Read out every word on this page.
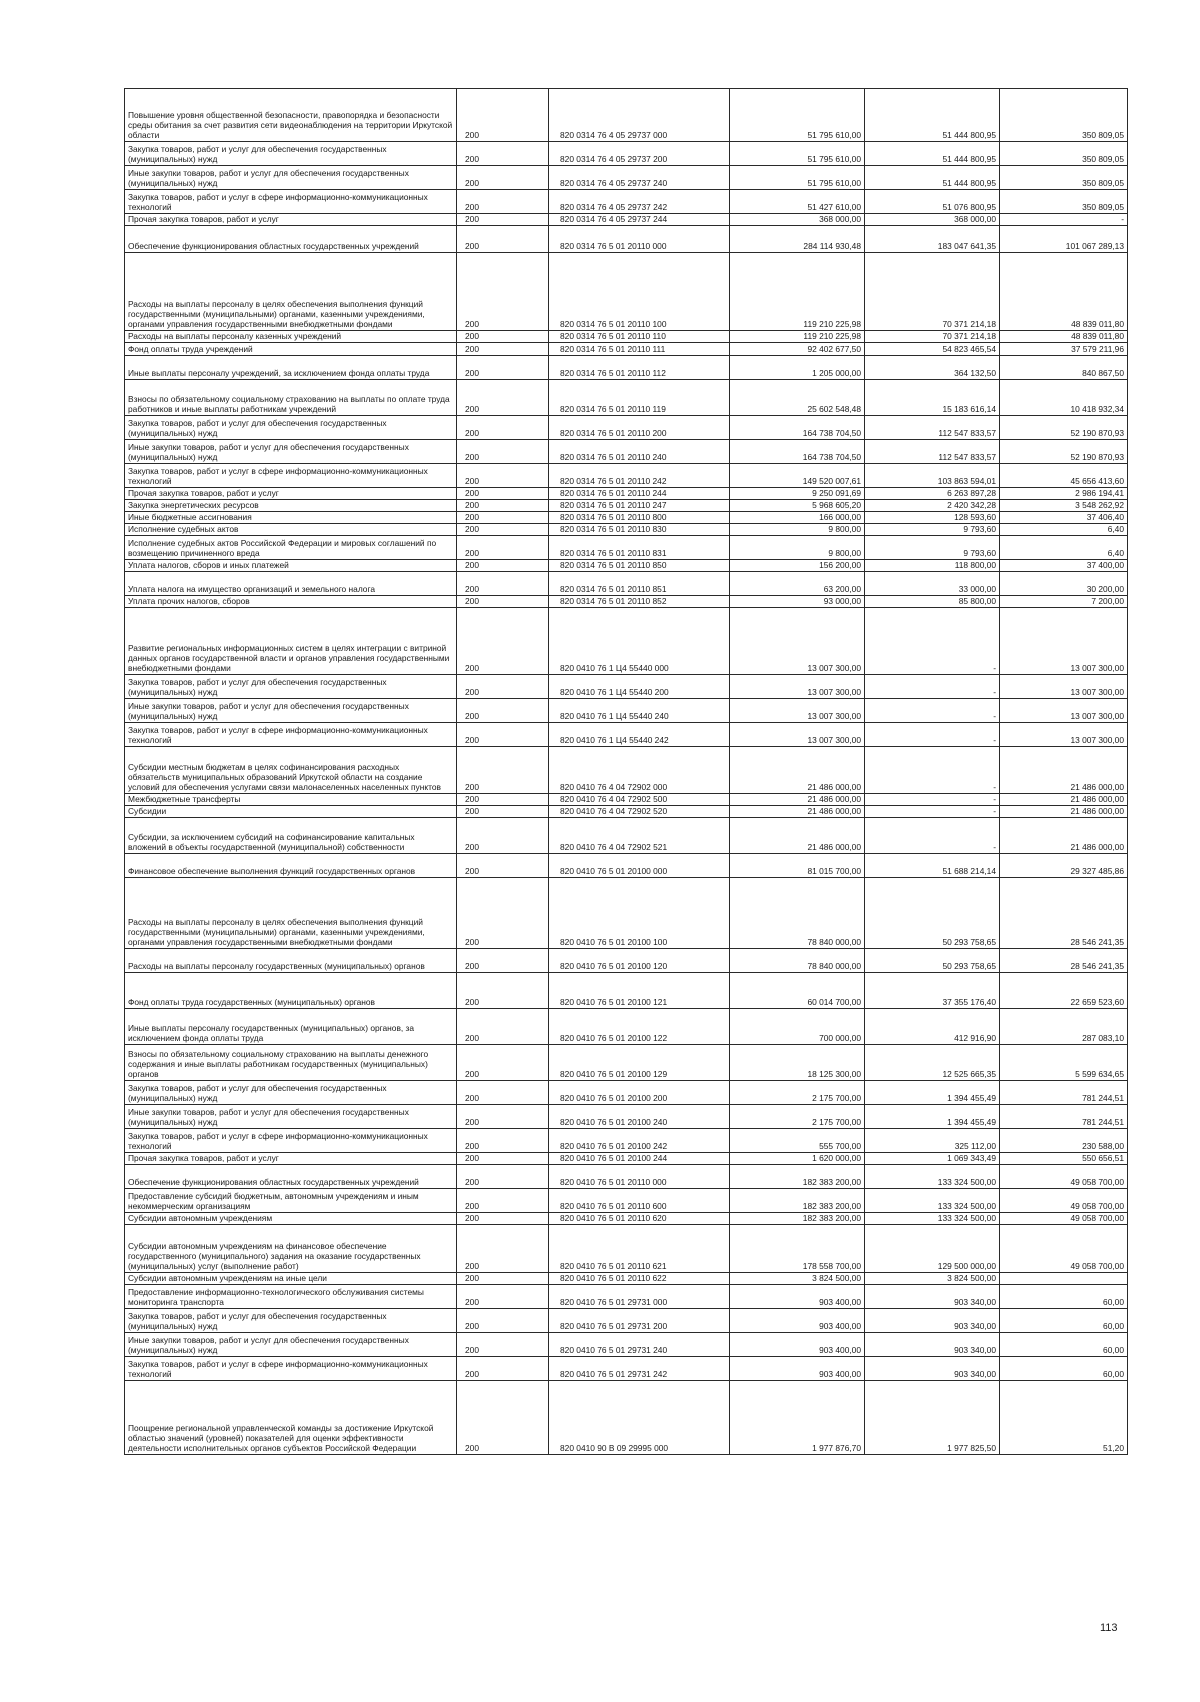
Повышение уровня общественной безопасности, правопорядка и безопасности среды обитания за счет развития сети видеонаблюдения на территории Иркутской области	200	820 0314 76 4 05 29737 000	51 795 610,00	51 444 800,95	350 809,05
Закупка товаров, работ и услуг для обеспечения государственных (муниципальных) нужд	200	820 0314 76 4 05 29737 200	51 795 610,00	51 444 800,95	350 809,05
Иные закупки товаров, работ и услуг для обеспечения государственных (муниципальных) нужд	200	820 0314 76 4 05 29737 240	51 795 610,00	51 444 800,95	350 809,05
Закупка товаров, работ и услуг в сфере информационно-коммуникационных технологий	200	820 0314 76 4 05 29737 242	51 427 610,00	51 076 800,95	350 809,05
Прочая закупка товаров, работ и услуг	200	820 0314 76 4 05 29737 244	368 000,00	368 000,00	-
Обеспечение функционирования областных государственных учреждений	200	820 0314 76 5 01 20110 000	284 114 930,48	183 047 641,35	101 067 289,13
Расходы на выплаты персоналу в целях обеспечения выполнения функций государственными (муниципальными) органами, казенными учреждениями, органами управления государственными внебюджетными фондами	200	820 0314 76 5 01 20110 100	119 210 225,98	70 371 214,18	48 839 011,80
Расходы на выплаты персоналу казенных учреждений	200	820 0314 76 5 01 20110 110	119 210 225,98	70 371 214,18	48 839 011,80
Фонд оплаты труда учреждений	200	820 0314 76 5 01 20110 111	92 402 677,50	54 823 465,54	37 579 211,96
Иные выплаты персоналу учреждений, за исключением фонда оплаты труда	200	820 0314 76 5 01 20110 112	1 205 000,00	364 132,50	840 867,50
Взносы по обязательному социальному страхованию на выплаты по оплате труда работников и иные выплаты работникам учреждений	200	820 0314 76 5 01 20110 119	25 602 548,48	15 183 616,14	10 418 932,34
Закупка товаров, работ и услуг для обеспечения государственных (муниципальных) нужд	200	820 0314 76 5 01 20110 200	164 738 704,50	112 547 833,57	52 190 870,93
Иные закупки товаров, работ и услуг для обеспечения государственных (муниципальных) нужд	200	820 0314 76 5 01 20110 240	164 738 704,50	112 547 833,57	52 190 870,93
Закупка товаров, работ и услуг в сфере информационно-коммуникационных технологий	200	820 0314 76 5 01 20110 242	149 520 007,61	103 863 594,01	45 656 413,60
Прочая закупка товаров, работ и услуг	200	820 0314 76 5 01 20110 244	9 250 091,69	6 263 897,28	2 986 194,41
Закупка энергетических ресурсов	200	820 0314 76 5 01 20110 247	5 968 605,20	2 420 342,28	3 548 262,92
Иные бюджетные ассигнования	200	820 0314 76 5 01 20110 800	166 000,00	128 593,60	37 406,40
Исполнение судебных актов	200	820 0314 76 5 01 20110 830	9 800,00	9 793,60	6,40
Исполнение судебных актов Российской Федерации и мировых соглашений по возмещению причиненного вреда	200	820 0314 76 5 01 20110 831	9 800,00	9 793,60	6,40
Уплата налогов, сборов и иных платежей	200	820 0314 76 5 01 20110 850	156 200,00	118 800,00	37 400,00
Уплата налога на имущество организаций и земельного налога	200	820 0314 76 5 01 20110 851	63 200,00	33 000,00	30 200,00
Уплата прочих налогов, сборов	200	820 0314 76 5 01 20110 852	93 000,00	85 800,00	7 200,00
Развитие региональных информационных систем в целях интеграции с витриной данных органов государственной власти и органов управления государственными внебюджетными фондами	200	820 0410 76 1 Ц4 55440 000	13 007 300,00	-	13 007 300,00
Закупка товаров, работ и услуг для обеспечения государственных (муниципальных) нужд	200	820 0410 76 1 Ц4 55440 200	13 007 300,00	-	13 007 300,00
Иные закупки товаров, работ и услуг для обеспечения государственных (муниципальных) нужд	200	820 0410 76 1 Ц4 55440 240	13 007 300,00	-	13 007 300,00
Закупка товаров, работ и услуг в сфере информационно-коммуникационных технологий	200	820 0410 76 1 Ц4 55440 242	13 007 300,00	-	13 007 300,00
Субсидии местным бюджетам в целях софинансирования расходных обязательств муниципальных образований Иркутской области на создание условий для обеспечения услугами связи малонаселенных населенных пунктов	200	820 0410 76 4 04 72902 000	21 486 000,00	-	21 486 000,00
Межбюджетные трансферты	200	820 0410 76 4 04 72902 500	21 486 000,00	-	21 486 000,00
Субсидии	200	820 0410 76 4 04 72902 520	21 486 000,00	-	21 486 000,00
Субсидии, за исключением субсидий на софинансирование капитальных вложений в объекты государственной (муниципальной) собственности	200	820 0410 76 4 04 72902 521	21 486 000,00	-	21 486 000,00
Финансовое обеспечение выполнения функций государственных органов	200	820 0410 76 5 01 20100 000	81 015 700,00	51 688 214,14	29 327 485,86
Расходы на выплаты персоналу в целях обеспечения выполнения функций государственными (муниципальными) органами, казенными учреждениями, органами управления государственными внебюджетными фондами	200	820 0410 76 5 01 20100 100	78 840 000,00	50 293 758,65	28 546 241,35
Расходы на выплаты персоналу государственных (муниципальных) органов	200	820 0410 76 5 01 20100 120	78 840 000,00	50 293 758,65	28 546 241,35
Фонд оплаты труда государственных (муниципальных) органов	200	820 0410 76 5 01 20100 121	60 014 700,00	37 355 176,40	22 659 523,60
Иные выплаты персоналу государственных (муниципальных) органов, за исключением фонда оплаты труда	200	820 0410 76 5 01 20100 122	700 000,00	412 916,90	287 083,10
Взносы по обязательному социальному страхованию на выплаты денежного содержания и иные выплаты работникам государственных (муниципальных) органов	200	820 0410 76 5 01 20100 129	18 125 300,00	12 525 665,35	5 599 634,65
Закупка товаров, работ и услуг для обеспечения государственных (муниципальных) нужд	200	820 0410 76 5 01 20100 200	2 175 700,00	1 394 455,49	781 244,51
Иные закупки товаров, работ и услуг для обеспечения государственных (муниципальных) нужд	200	820 0410 76 5 01 20100 240	2 175 700,00	1 394 455,49	781 244,51
Закупка товаров, работ и услуг в сфере информационно-коммуникационных технологий	200	820 0410 76 5 01 20100 242	555 700,00	325 112,00	230 588,00
Прочая закупка товаров, работ и услуг	200	820 0410 76 5 01 20100 244	1 620 000,00	1 069 343,49	550 656,51
Обеспечение функционирования областных государственных учреждений	200	820 0410 76 5 01 20110 000	182 383 200,00	133 324 500,00	49 058 700,00
Предоставление субсидий бюджетным, автономным учреждениям и иным некоммерческим организациям	200	820 0410 76 5 01 20110 600	182 383 200,00	133 324 500,00	49 058 700,00
Субсидии автономным учреждениям	200	820 0410 76 5 01 20110 620	182 383 200,00	133 324 500,00	49 058 700,00
Субсидии автономным учреждениям на финансовое обеспечение государственного (муниципального) задания на оказание государственных (муниципальных) услуг (выполнение работ)	200	820 0410 76 5 01 20110 621	178 558 700,00	129 500 000,00	49 058 700,00
Субсидии автономным учреждениям на иные цели	200	820 0410 76 5 01 20110 622	3 824 500,00	3 824 500,00	
Предоставление информационно-технологического обслуживания системы мониторинга транспорта	200	820 0410 76 5 01 29731 000	903 400,00	903 340,00	60,00
Закупка товаров, работ и услуг для обеспечения государственных (муниципальных) нужд	200	820 0410 76 5 01 29731 200	903 400,00	903 340,00	60,00
Иные закупки товаров, работ и услуг для обеспечения государственных (муниципальных) нужд	200	820 0410 76 5 01 29731 240	903 400,00	903 340,00	60,00
Закупка товаров, работ и услуг в сфере информационно-коммуникационных технологий	200	820 0410 76 5 01 29731 242	903 400,00	903 340,00	60,00
Поощрение региональной управленческой команды за достижение Иркутской областью значений (уровней) показателей для оценки эффективности деятельности исполнительных органов субъектов Российской Федерации	200	820 0410 90 В 09 29995 000	1 977 876,70	1 977 825,50	51,20
113
